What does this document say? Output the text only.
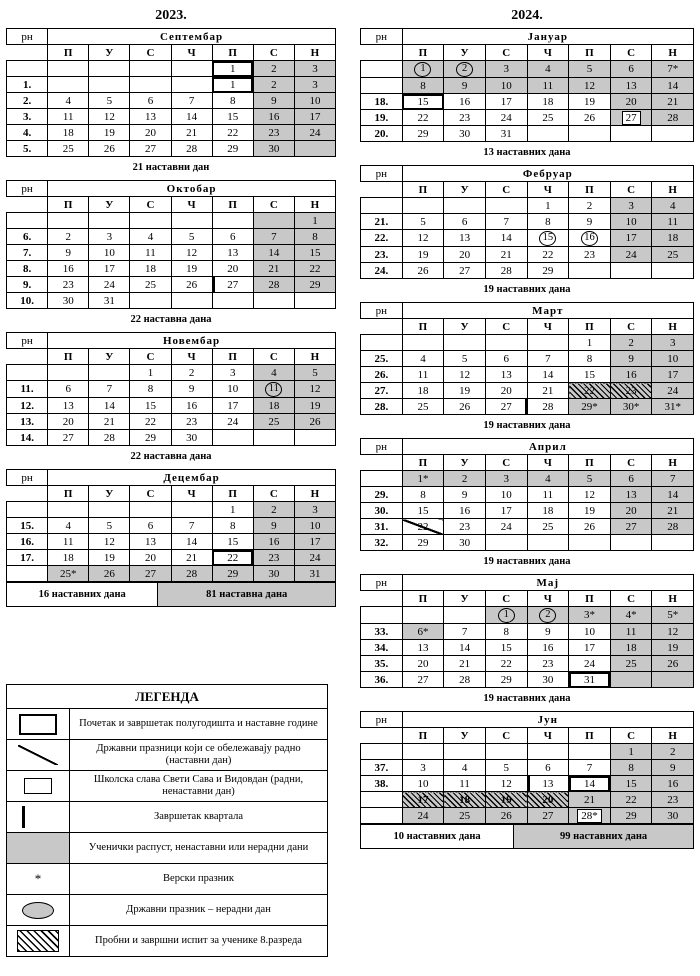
2023.
рн	Септембар						
	П	У	С	Ч	П	С	Н
					1	2	3
1.					1	2	3
2.	4	5	6	7	8	9	10
3.	11	12	13	14	15	16	17
4.	18	19	20	21	22	23	24
5.	25	26	27	28	29	30	
21 наставни дан
рн	Октобар						
	П	У	С	Ч	П	С	Н
							1
6.	2	3	4	5	6	7	8
7.	9	10	11	12	13	14	15
8.	16	17	18	19	20	21	22
9.	23	24	25	26	27	28	29
10.	30	31					
22 наставна дана
рн	Новембар						
	П	У	С	Ч	П	С	Н
			1	2	3	4	5
11.	6	7	8	9	10	11	12
12.	13	14	15	16	17	18	19
13.	20	21	22	23	24	25	26
14.	27	28	29	30			
22 наставна дана
рн	Децембар						
	П	У	С	Ч	П	С	Н
					1	2	3
15.	4	5	6	7	8	9	10
16.	11	12	13	14	15	16	17
17.	18	19	20	21	22	23	24
	25*	26	27	28	29	30	31
16 наставних дана	81 наставна дана
2024.
рн	Јануар						
	П	У	С	Ч	П	С	Н
	1	2	3	4	5	6	7*
	8	9	10	11	12	13	14
18.	15	16	17	18	19	20	21
19.	22	23	24	25	26	27	28
20.	29	30	31				
13 наставних дана
рн	Фебруар						
	П	У	С	Ч	П	С	Н
				1	2	3	4
21.	5	6	7	8	9	10	11
22.	12	13	14	15	16	17	18
23.	19	20	21	22	23	24	25
24.	26	27	28	29			
19 наставних дана
рн	Март						
	П	У	С	Ч	П	С	Н
					1	2	3
25.	4	5	6	7	8	9	10
26.	11	12	13	14	15	16	17
27.	18	19	20	21	22	23	24
28.	25	26	27	28	29*	30*	31*
19 наставних дана
рн	Април						
	П	У	С	Ч	П	С	Н
	1*	2	3	4	5	6	7
29.	8	9	10	11	12	13	14
30.	15	16	17	18	19	20	21
31.	22	23	24	25	26	27	28
32.	29	30					
19 наставних дана
рн	Мај						
	П	У	С	Ч	П	С	Н
			1	2	3*	4*	5*
33.	6*	7	8	9	10	11	12
34.	13	14	15	16	17	18	19
35.	20	21	22	23	24	25	26
36.	27	28	29	30	31		
19 наставних дана
рн	Јун						
	П	У	С	Ч	П	С	Н
						1	2
37.	3	4	5	6	7	8	9
38.	10	11	12	13	14	15	16
	17	18	19	20	21	22	23
	24	25	26	27	28*	29	30
10 наставних дана	99 наставних дана
ЛЕГЕНДА
Почетак и завршетак полугодишта и наставне године
Државни празници који се обележавају радно (наставни дан)
Школска слава Свети Сава и Видовдан (радни, ненаставни дан)
Завршетак квартала
Ученички распуст, ненаставни или нерадни дани
*	Верски празник
Државни празник – нерадни дан
Пробни и завршни испит за ученике 8.разреда
